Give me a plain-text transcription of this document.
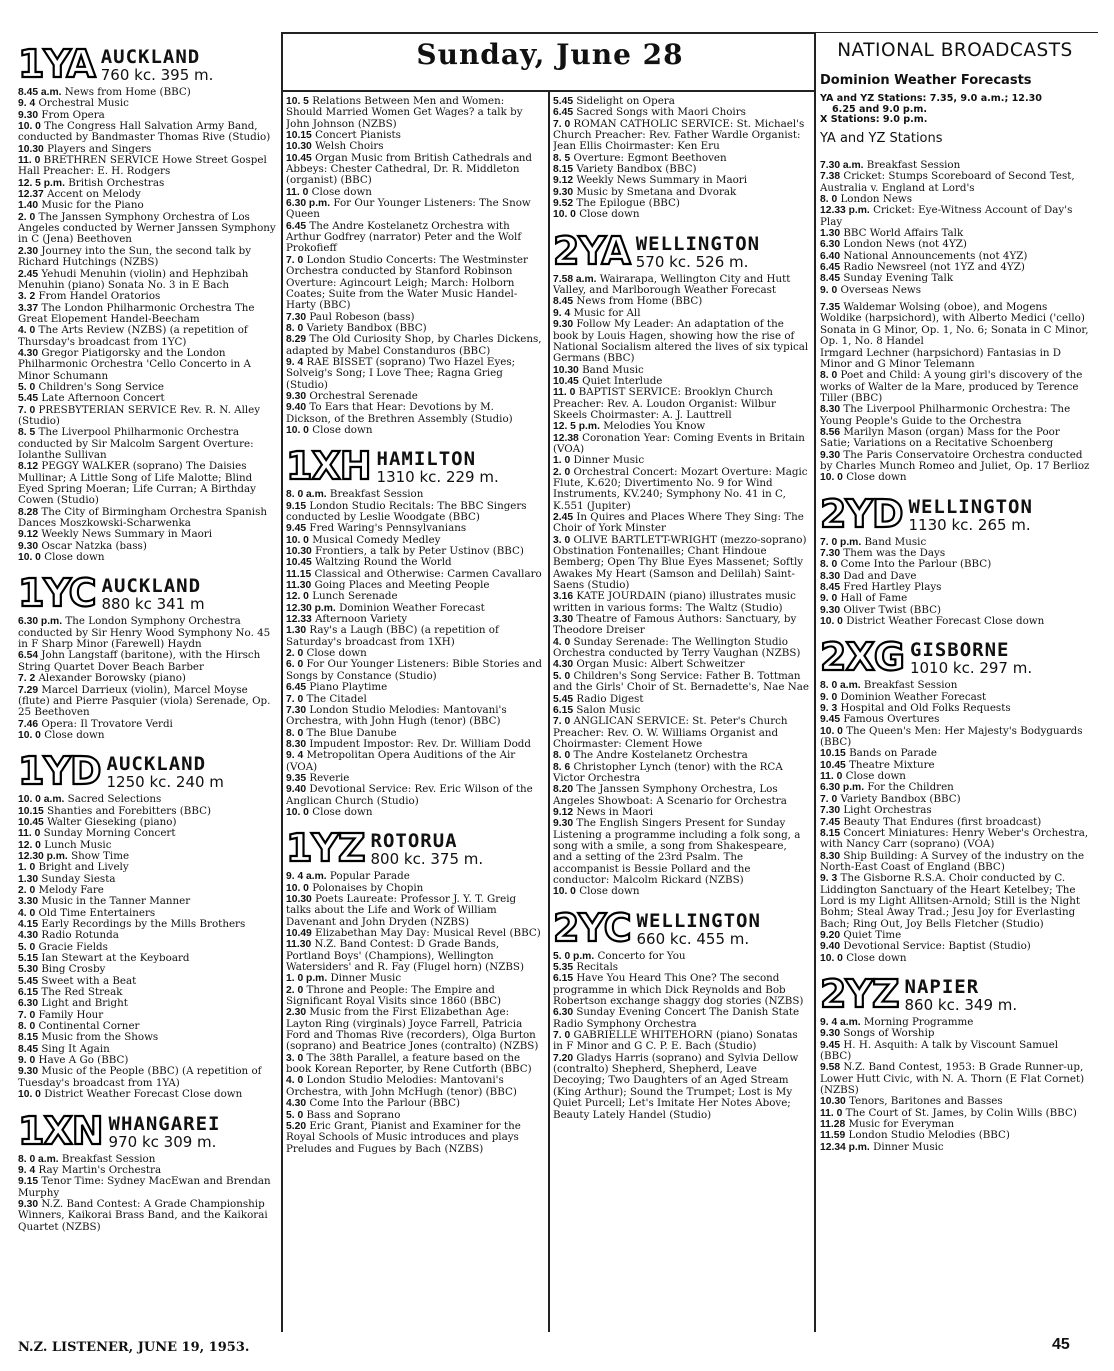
Sunday, June 28	NATIONAL BROADCASTS
Dominion Weather Forecasts
YA and YZ Stations: 7.35, 9.0 a.m.; 12.30
6.25 and 9.0 p.m.
X Stations: 9.0 p.m.
YA and YZ Stations
1YA AUCKLAND
760 kc. 395 m.
8.45 a.m. News from Home (BBC)
9. 4 Orchestral Music
9.30 From Opera
10. 0 The Congress Hall Salvation Army Band, conducted by Bandmaster Thomas Rive (Studio)
10.30 Players and Singers
11. 0 BRETHREN SERVICE Howe Street Gospel Hall Preacher: E. H. Rodgers
12. 5 p.m. British Orchestras
12.37 Accent on Melody
1.40 Music for the Piano
2. 0 The Janssen Symphony Orchestra of Los Angeles conducted by Werner Janssen Symphony in C (Jena) Beethoven
2.30 Journey into the Sun, the second talk by Richard Hutchings (NZBS)
2.45 Yehudi Menuhin (violin) and Hephzibah Menuhin (piano) Sonata No. 3 in E Bach
3. 2 From Handel Oratorios
3.37 The London Philharmonic Orchestra The Great Elopement Handel-Beecham
4. 0 The Arts Review (NZBS) (a repetition of Thursday's broadcast from 1YC)
4.30 Gregor Piatigorsky and the London Philharmonic Orchestra 'Cello Concerto in A Minor Schumann
5. 0 Children's Song Service
5.45 Late Afternoon Concert
7. 0 PRESBYTERIAN SERVICE Rev. R. N. Alley (Studio)
8. 5 The Liverpool Philharmonic Orchestra conducted by Sir Malcolm Sargent Overture: Iolanthe Sullivan
8.12 PEGGY WALKER (soprano) The Daisies Mullinar; A Little Song of Life Malotte; Blind Eyed Spring Moeran; Life Curran; A Birthday Cowen (Studio)
8.28 The City of Birmingham Orchestra Spanish Dances Moszkowski-Scharwenka
9.12 Weekly News Summary in Maori
9.30 Oscar Natzka (bass)
10. 0 Close down
1YC AUCKLAND
880 kc 341 m
6.30 p.m. The London Symphony Orchestra conducted by Sir Henry Wood Symphony No. 45 in F Sharp Minor (Farewell) Haydn
6.54 John Langstaff (baritone), with the Hirsch String Quartet Dover Beach Barber
7. 2 Alexander Borowsky (piano)
7.29 Marcel Darrieux (violin), Marcel Moyse (flute) and Pierre Pasquier (viola) Serenade, Op. 25 Beethoven
7.46 Opera: Il Trovatore Verdi
10. 0 Close down
1YD AUCKLAND
1250 kc. 240 m
10. 0 a.m. Sacred Selections
10.15 Shanties and Forebitters (BBC)
10.45 Walter Gieseking (piano)
11. 0 Sunday Morning Concert
12. 0 Lunch Music
12.30 p.m. Show Time
1. 0 Bright and Lively
1.30 Sunday Siesta
2. 0 Melody Fare
3.30 Music in the Tanner Manner
4. 0 Old Time Entertainers
4.15 Early Recordings by the Mills Brothers
4.30 Radio Rotunda
5. 0 Gracie Fields
5.15 Ian Stewart at the Keyboard
5.30 Bing Crosby
5.45 Sweet with a Beat
6.15 The Red Streak
6.30 Light and Bright
7. 0 Family Hour
8. 0 Continental Corner
8.15 Music from the Shows
8.45 Sing It Again
9. 0 Have A Go (BBC)
9.30 Music of the People (BBC) (A repetition of Tuesday's broadcast from 1YA)
10. 0 District Weather Forecast Close down
1XN WHANGAREI
970 kc 309 m.
8. 0 a.m. Breakfast Session
9. 4 Ray Martin's Orchestra
9.15 Tenor Time: Sydney MacEwan and Brendan Murphy
9.30 N.Z. Band Contest: A Grade Championship Winners, Kaikorai Brass Band, and the Kaikorai Quartet (NZBS)
10. 5 Relations Between Men and Women: Should Married Women Get Wages? a talk by John Johnson (NZBS)
10.15 Concert Pianists
10.30 Welsh Choirs
10.45 Organ Music from British Cathedrals and Abbeys: Chester Cathedral, Dr. R. Middleton (organist) (BBC)
11. 0 Close down
6.30 p.m. For Our Younger Listeners: The Snow Queen
6.45 The Andre Kostelanetz Orchestra with Arthur Godfrey (narrator) Peter and the Wolf Prokofieff
7. 0 London Studio Concerts: The Westminster Orchestra conducted by Stanford Robinson Overture: Agincourt Leigh; March: Holborn Coates; Suite from the Water Music Handel-Harty (BBC)
7.30 Paul Robeson (bass)
8. 0 Variety Bandbox (BBC)
8.29 The Old Curiosity Shop, by Charles Dickens, adapted by Mabel Constanduros (BBC)
9. 4 RAE BISSET (soprano) Two Hazel Eyes; Solveig's Song; I Love Thee; Ragna Grieg (Studio)
9.30 Orchestral Serenade
9.40 To Ears that Hear: Devotions by M. Dickson, of the Brethren Assembly (Studio)
10. 0 Close down
1XH HAMILTON
1310 kc. 229 m.
8. 0 a.m. Breakfast Session
9.15 London Studio Recitals: The BBC Singers conducted by Leslie Woodgate (BBC)
9.45 Fred Waring's Pennsylvanians
10. 0 Musical Comedy Medley
10.30 Frontiers, a talk by Peter Ustinov (BBC)
10.45 Waltzing Round the World
11.15 Classical and Otherwise: Carmen Cavallaro
11.30 Going Places and Meeting People
12. 0 Lunch Serenade
12.30 p.m. Dominion Weather Forecast
12.33 Afternoon Variety
1.30 Ray's a Laugh (BBC) (a repetition of Saturday's broadcast from 1XH)
2. 0 Close down
6. 0 For Our Younger Listeners: Bible Stories and Songs by Constance (Studio)
6.45 Piano Playtime
7. 0 The Citadel
7.30 London Studio Melodies: Mantovani's Orchestra, with John Hugh (tenor) (BBC)
8. 0 The Blue Danube
8.30 Impudent Impostor: Rev. Dr. William Dodd
9. 4 Metropolitan Opera Auditions of the Air (VOA)
9.35 Reverie
9.40 Devotional Service: Rev. Eric Wilson of the Anglican Church (Studio)
10. 0 Close down
1YZ ROTORUA
800 kc. 375 m.
9. 4 a.m. Popular Parade
10. 0 Polonaises by Chopin
10.30 Poets Laureate: Professor J. Y. T. Greig talks about the Life and Work of William Davenant and John Dryden (NZBS)
10.49 Elizabethan May Day: Musical Revel (BBC)
11.30 N.Z. Band Contest: D Grade Bands, Portland Boys' (Champions), Wellington Watersiders' and R. Fay (Flugel horn) (NZBS)
1. 0 p.m. Dinner Music
2. 0 Throne and People: The Empire and Significant Royal Visits since 1860 (BBC)
2.30 Music from the First Elizabethan Age: Layton Ring (virginals) Joyce Farrell, Patricia Ford and Thomas Rive (recorders), Olga Burton (soprano) and Beatrice Jones (contralto) (NZBS)
3. 0 The 38th Parallel, a feature based on the book Korean Reporter, by Rene Cutforth (BBC)
4. 0 London Studio Melodies: Mantovani's Orchestra, with John McHugh (tenor) (BBC)
4.30 Come Into the Parlour (BBC)
5. 0 Bass and Soprano
5.20 Eric Grant, Pianist and Examiner for the Royal Schools of Music introduces and plays Preludes and Fugues by Bach (NZBS)
5.45 Sidelight on Opera
6.45 Sacred Songs with Maori Choirs
7. 0 ROMAN CATHOLIC SERVICE: St. Michael's Church Preacher: Rev. Father Wardle Organist: Jean Ellis Choirmaster: Ken Eru
8. 5 Overture: Egmont Beethoven
8.15 Variety Bandbox (BBC)
9.12 Weekly News Summary in Maori
9.30 Music by Smetana and Dvorak
9.52 The Epilogue (BBC)
10. 0 Close down
2YA WELLINGTON
570 kc. 526 m.
7.58 a.m. Wairarapa, Wellington City and Hutt Valley, and Marlborough Weather Forecast
8.45 News from Home (BBC)
9. 4 Music for All
9.30 Follow My Leader: An adaptation of the book by Louis Hagen, showing how the rise of National Socialism altered the lives of six typical Germans (BBC)
10.30 Band Music
10.45 Quiet Interlude
11. 0 BAPTIST SERVICE: Brooklyn Church Preacher: Rev. A. Loudon Organist: Wilbur Skeels Choirmaster: A. J. Lauttrell
12. 5 p.m. Melodies You Know
12.38 Coronation Year: Coming Events in Britain (VOA)
1. 0 Dinner Music
2. 0 Orchestral Concert: Mozart Overture: Magic Flute, K.620; Divertimento No. 9 for Wind Instruments, KV.240; Symphony No. 41 in C, K.551 (Jupiter)
2.45 In Quires and Places Where They Sing: The Choir of York Minster
3. 0 OLIVE BARTLETT-WRIGHT (mezzo-soprano) Obstination Fontenailles; Chant Hindoue Bemberg; Open Thy Blue Eyes Massenet; Softly Awakes My Heart (Samson and Delilah) Saint-Saens (Studio)
3.16 KATE JOURDAIN (piano) illustrates music written in various forms: The Waltz (Studio)
3.30 Theatre of Famous Authors: Sanctuary, by Theodore Dreiser
4. 0 Sunday Serenade: The Wellington Studio Orchestra conducted by Terry Vaughan (NZBS)
4.30 Organ Music: Albert Schweitzer
5. 0 Children's Song Service: Father B. Tottman and the Girls' Choir of St. Bernadette's, Nae Nae
5.45 Radio Digest
6.15 Salon Music
7. 0 ANGLICAN SERVICE: St. Peter's Church Preacher: Rev. O. W. Williams Organist and Choirmaster: Clement Howe
8. 0 The Andre Kostelanetz Orchestra
8. 6 Christopher Lynch (tenor) with the RCA Victor Orchestra
8.20 The Janssen Symphony Orchestra, Los Angeles Showboat: A Scenario for Orchestra
9.12 News in Maori
9.30 The English Singers Present for Sunday Listening a programme including a folk song, a song with a smile, a song from Shakespeare, and a setting of the 23rd Psalm. The accompanist is Bessie Pollard and the conductor: Malcolm Rickard (NZBS)
10. 0 Close down
2YC WELLINGTON
660 kc. 455 m.
5. 0 p.m. Concerto for You
5.35 Recitals
6.15 Have You Heard This One? The second programme in which Dick Reynolds and Bob Robertson exchange shaggy dog stories (NZBS)
6.30 Sunday Evening Concert The Danish State Radio Symphony Orchestra
7. 0 GABRIELLE WHITEHORN (piano) Sonatas in F Minor and G C. P. E. Bach (Studio)
7.20 Gladys Harris (soprano) and Sylvia Dellow (contralto) Shepherd, Shepherd, Leave Decoying; Two Daughters of an Aged Stream (King Arthur); Sound the Trumpet; Lost is My Quiet Purcell; Let's Imitate Her Notes Above; Beauty Lately Handel (Studio)
7.30 a.m. Breakfast Session
7.38 Cricket: Stumps Scoreboard of Second Test, Australia v. England at Lord's
8. 0 London News
12.33 p.m. Cricket: Eye-Witness Account of Day's Play
1.30 BBC World Affairs Talk
6.30 London News (not 4YZ)
6.40 National Announcements (not 4YZ)
6.45 Radio Newsreel (not 1YZ and 4YZ)
8.45 Sunday Evening Talk
9. 0 Overseas News
7.35 Waldemar Wolsing (oboe), and Mogens Woldike (harpsichord), with Alberto Medici ('cello) Sonata in G Minor, Op. 1, No. 6; Sonata in C Minor, Op. 1, No. 8 Handel
Irmgard Lechner (harpsichord) Fantasias in D Minor and G Minor Telemann
8. 0 Poet and Child: A young girl's discovery of the works of Walter de la Mare, produced by Terence Tiller (BBC)
8.30 The Liverpool Philharmonic Orchestra: The Young People's Guide to the Orchestra
8.56 Marilyn Mason (organ) Mass for the Poor Satie; Variations on a Recitative Schoenberg
9.30 The Paris Conservatoire Orchestra conducted by Charles Munch Romeo and Juliet, Op. 17 Berlioz
10. 0 Close down
2YD WELLINGTON
1130 kc. 265 m.
7. 0 p.m. Band Music
7.30 Them was the Days
8. 0 Come Into the Parlour (BBC)
8.30 Dad and Dave
8.45 Fred Hartley Plays
9. 0 Hall of Fame
9.30 Oliver Twist (BBC)
10. 0 District Weather Forecast Close down
2XG GISBORNE
1010 kc. 297 m.
8. 0 a.m. Breakfast Session
9. 0 Dominion Weather Forecast
9. 3 Hospital and Old Folks Requests
9.45 Famous Overtures
10. 0 The Queen's Men: Her Majesty's Bodyguards (BBC)
10.15 Bands on Parade
10.45 Theatre Mixture
11. 0 Close down
6.30 p.m. For the Children
7. 0 Variety Bandbox (BBC)
7.30 Light Orchestras
7.45 Beauty That Endures (first broadcast)
8.15 Concert Miniatures: Henry Weber's Orchestra, with Nancy Carr (soprano) (VOA)
8.30 Ship Building: A Survey of the industry on the North-East Coast of England (BBC)
9. 3 The Gisborne R.S.A. Choir conducted by C. Liddington Sanctuary of the Heart Ketelbey; The Lord is my Light Allitsen-Arnold; Still is the Night Bohm; Steal Away Trad.; Jesu Joy for Everlasting Bach; Ring Out, Joy Bells Fletcher (Studio)
9.20 Quiet Time
9.40 Devotional Service: Baptist (Studio)
10. 0 Close down
2YZ NAPIER
860 kc. 349 m.
9. 4 a.m. Morning Programme
9.30 Songs of Worship
9.45 H. H. Asquith: A talk by Viscount Samuel (BBC)
9.58 N.Z. Band Contest, 1953: B Grade Runner-up, Lower Hutt Civic, with N. A. Thorn (E Flat Cornet) (NZBS)
10.30 Tenors, Baritones and Basses
11. 0 The Court of St. James, by Colin Wills (BBC)
11.28 Music for Everyman
11.59 London Studio Melodies (BBC)
12.34 p.m. Dinner Music
N.Z. LISTENER, JUNE 19, 1953.	45
